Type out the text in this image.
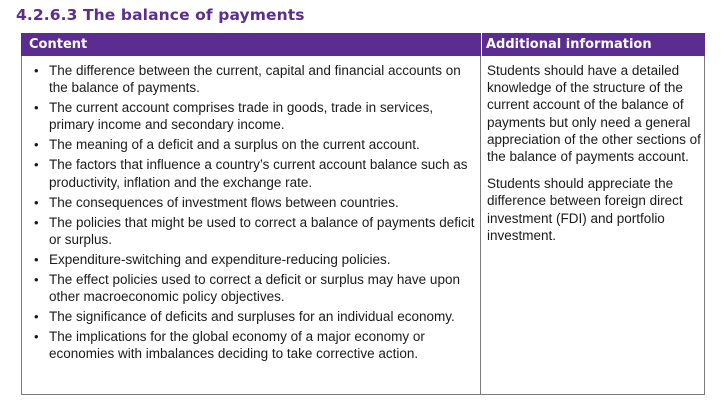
4.2.6.3 The balance of payments
Content	Additional information
• The difference between the current, capital and financial accounts on the balance of payments.
• The current account comprises trade in goods, trade in services, primary income and secondary income.
• The meaning of a deficit and a surplus on the current account.
• The factors that influence a country’s current account balance such as productivity, inflation and the exchange rate.
• The consequences of investment flows between countries.
• The policies that might be used to correct a balance of payments deficit or surplus.
• Expenditure-switching and expenditure-reducing policies.
• The effect policies used to correct a deficit or surplus may have upon other macroeconomic policy objectives.
• The significance of deficits and surpluses for an individual economy.
• The implications for the global economy of a major economy or economies with imbalances deciding to take corrective action.

Students should have a detailed knowledge of the structure of the current account of the balance of payments but only need a general appreciation of the other sections of the balance of payments account.

Students should appreciate the difference between foreign direct investment (FDI) and portfolio investment.
